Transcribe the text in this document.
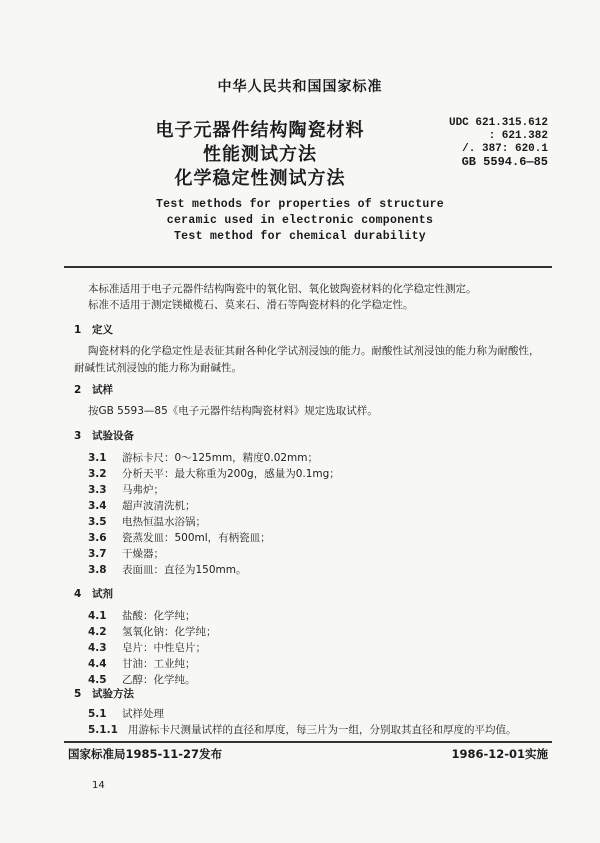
中华人民共和国国家标准
电子元器件结构陶瓷材料
性能测试方法
化学稳定性测试方法
UDC 621.315.612
: 621.382
/. 387: 620.1
GB 5594.6—85
Test methods for properties of structure
ceramic used in electronic components
Test method for chemical durability
本标准适用于电子元器件结构陶瓷中的氧化铝、氧化铍陶瓷材料的化学稳定性测定。
标准不适用于测定镁橄榄石、莫来石、滑石等陶瓷材料的化学稳定性。
1 定义
陶瓷材料的化学稳定性是表征其耐各种化学试剂浸蚀的能力。耐酸性试剂浸蚀的能力称为耐酸性，耐碱性试剂浸蚀的能力称为耐碱性。
2 试样
按GB 5593—85《电子元器件结构陶瓷材料》规定选取试样。
3 试验设备
3.1 游标卡尺：0～125mm，精度0.02mm；
3.2 分析天平：最大称重为200g，感量为0.1mg；
3.3 马弗炉；
3.4 超声波清洗机；
3.5 电热恒温水浴锅；
3.6 瓷蒸发皿：500ml，有柄瓷皿；
3.7 干燥器；
3.8 表面皿：直径为150mm。
4 试剂
4.1 盐酸：化学纯；
4.2 氢氧化钠：化学纯；
4.3 皂片：中性皂片；
4.4 甘油：工业纯；
4.5 乙醇：化学纯。
5 试验方法
5.1 试样处理
5.1.1 用游标卡尺测量试样的直径和厚度，每三片为一组，分别取其直径和厚度的平均值。
国家标准局1985-11-27发布	1986-12-01实施
14
